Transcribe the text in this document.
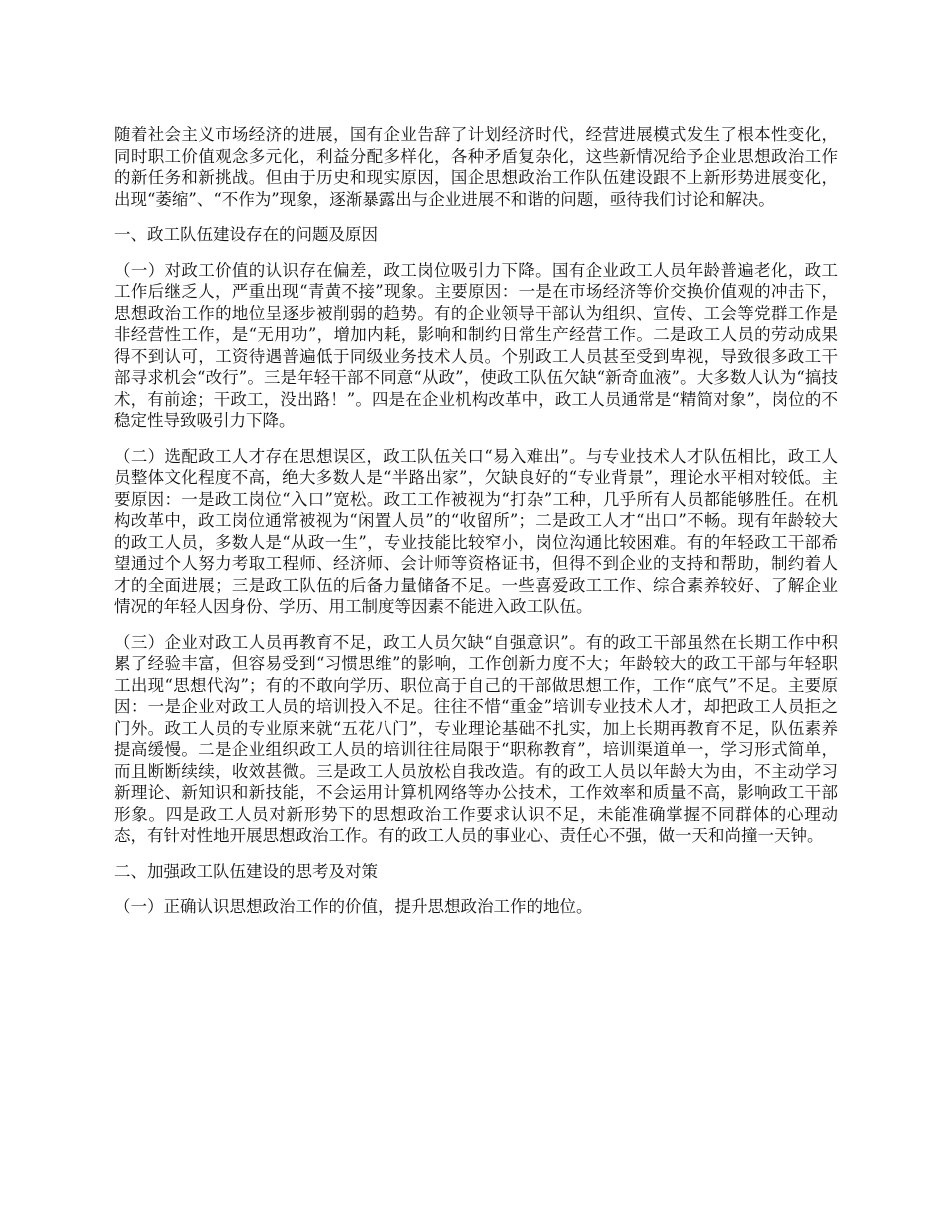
随着社会主义市场经济的进展，国有企业告辞了计划经济时代，经营进展模式发生了根本性变化，同时职工价值观念多元化，利益分配多样化，各种矛盾复杂化，这些新情况给予企业思想政治工作的新任务和新挑战。但由于历史和现实原因，国企思想政治工作队伍建设跟不上新形势进展变化，出现“萎缩”、“不作为”现象，逐渐暴露出与企业进展不和谐的问题，亟待我们讨论和解决。

一、政工队伍建设存在的问题及原因

（一）对政工价值的认识存在偏差，政工岗位吸引力下降。国有企业政工人员年龄普遍老化，政工工作后继乏人，严重出现“青黄不接”现象。主要原因：一是在市场经济等价交换价值观的冲击下，思想政治工作的地位呈逐步被削弱的趋势。有的企业领导干部认为组织、宣传、工会等党群工作是非经营性工作，是“无用功”，增加内耗，影响和制约日常生产经营工作。二是政工人员的劳动成果得不到认可，工资待遇普遍低于同级业务技术人员。个别政工人员甚至受到卑视，导致很多政工干部寻求机会“改行”。三是年轻干部不同意“从政”，使政工队伍欠缺“新奇血液”。大多数人认为“搞技术，有前途；干政工，没出路！”。四是在企业机构改革中，政工人员通常是“精简对象”，岗位的不稳定性导致吸引力下降。

（二）选配政工人才存在思想误区，政工队伍关口“易入难出”。与专业技术人才队伍相比，政工人员整体文化程度不高，绝大多数人是“半路出家”，欠缺良好的“专业背景”，理论水平相对较低。主要原因：一是政工岗位“入口”宽松。政工工作被视为“打杂”工种，几乎所有人员都能够胜任。在机构改革中，政工岗位通常被视为“闲置人员”的“收留所”；二是政工人才“出口”不畅。现有年龄较大的政工人员，多数人是“从政一生”，专业技能比较窄小，岗位沟通比较困难。有的年轻政工干部希望通过个人努力考取工程师、经济师、会计师等资格证书，但得不到企业的支持和帮助，制约着人才的全面进展；三是政工队伍的后备力量储备不足。一些喜爱政工工作、综合素养较好、了解企业情况的年轻人因身份、学历、用工制度等因素不能进入政工队伍。

（三）企业对政工人员再教育不足，政工人员欠缺“自强意识”。有的政工干部虽然在长期工作中积累了经验丰富，但容易受到“习惯思维”的影响，工作创新力度不大；年龄较大的政工干部与年轻职工出现“思想代沟”；有的不敢向学历、职位高于自己的干部做思想工作，工作“底气”不足。主要原因：一是企业对政工人员的培训投入不足。往往不惜“重金”培训专业技术人才，却把政工人员拒之门外。政工人员的专业原来就“五花八门”，专业理论基础不扎实，加上长期再教育不足，队伍素养提高缓慢。二是企业组织政工人员的培训往往局限于“职称教育”，培训渠道单一，学习形式简单，而且断断续续，收效甚微。三是政工人员放松自我改造。有的政工人员以年龄大为由，不主动学习新理论、新知识和新技能，不会运用计算机网络等办公技术，工作效率和质量不高，影响政工干部形象。四是政工人员对新形势下的思想政治工作要求认识不足，未能准确掌握不同群体的心理动态，有针对性地开展思想政治工作。有的政工人员的事业心、责任心不强，做一天和尚撞一天钟。

二、加强政工队伍建设的思考及对策

（一）正确认识思想政治工作的价值，提升思想政治工作的地位。
